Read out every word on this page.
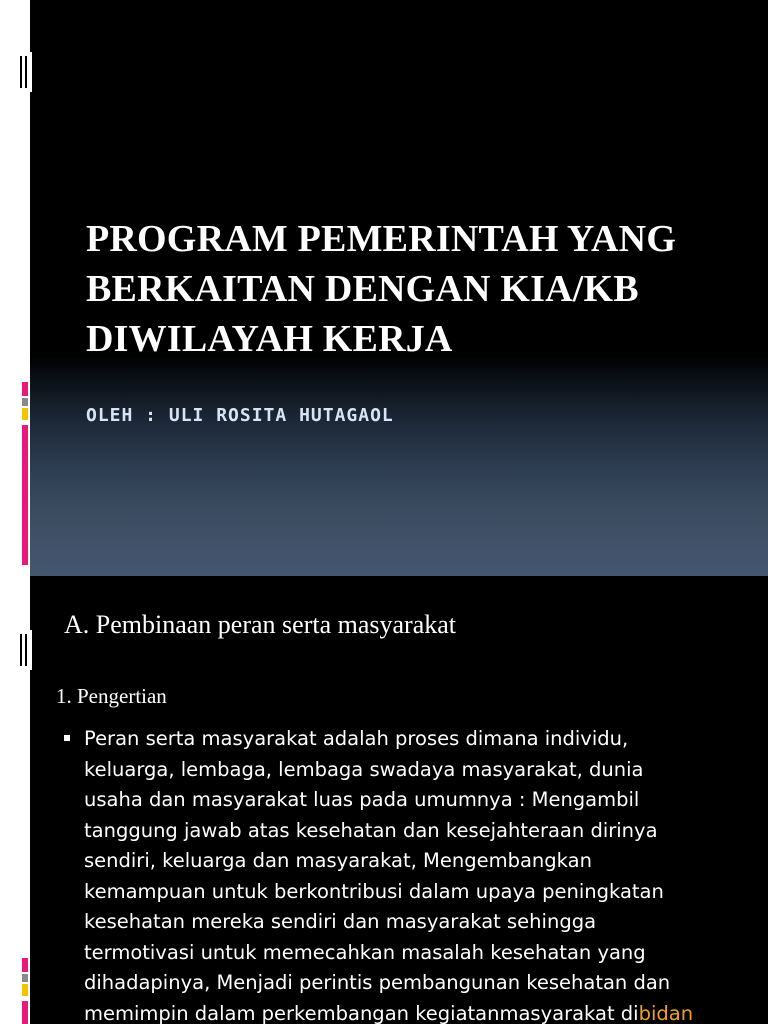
PROGRAM PEMERINTAH YANG
BERKAITAN DENGAN KIA/KB
DIWILAYAH KERJA
OLEH : ULI ROSITA HUTAGAOL
A. Pembinaan peran serta masyarakat
1. Pengertian
Peran serta masyarakat adalah proses dimana individu,
keluarga, lembaga, lembaga swadaya masyarakat, dunia
usaha dan masyarakat luas pada umumnya : Mengambil
tanggung jawab atas kesehatan dan kesejahteraan dirinya
sendiri, keluarga dan masyarakat, Mengembangkan
kemampuan untuk berkontribusi dalam upaya peningkatan
kesehatan mereka sendiri dan masyarakat sehingga
termotivasi untuk memecahkan masalah kesehatan yang
dihadapinya, Menjadi perintis pembangunan kesehatan dan
memimpin dalam perkembangan kegiatanmasyarakat dibidan
